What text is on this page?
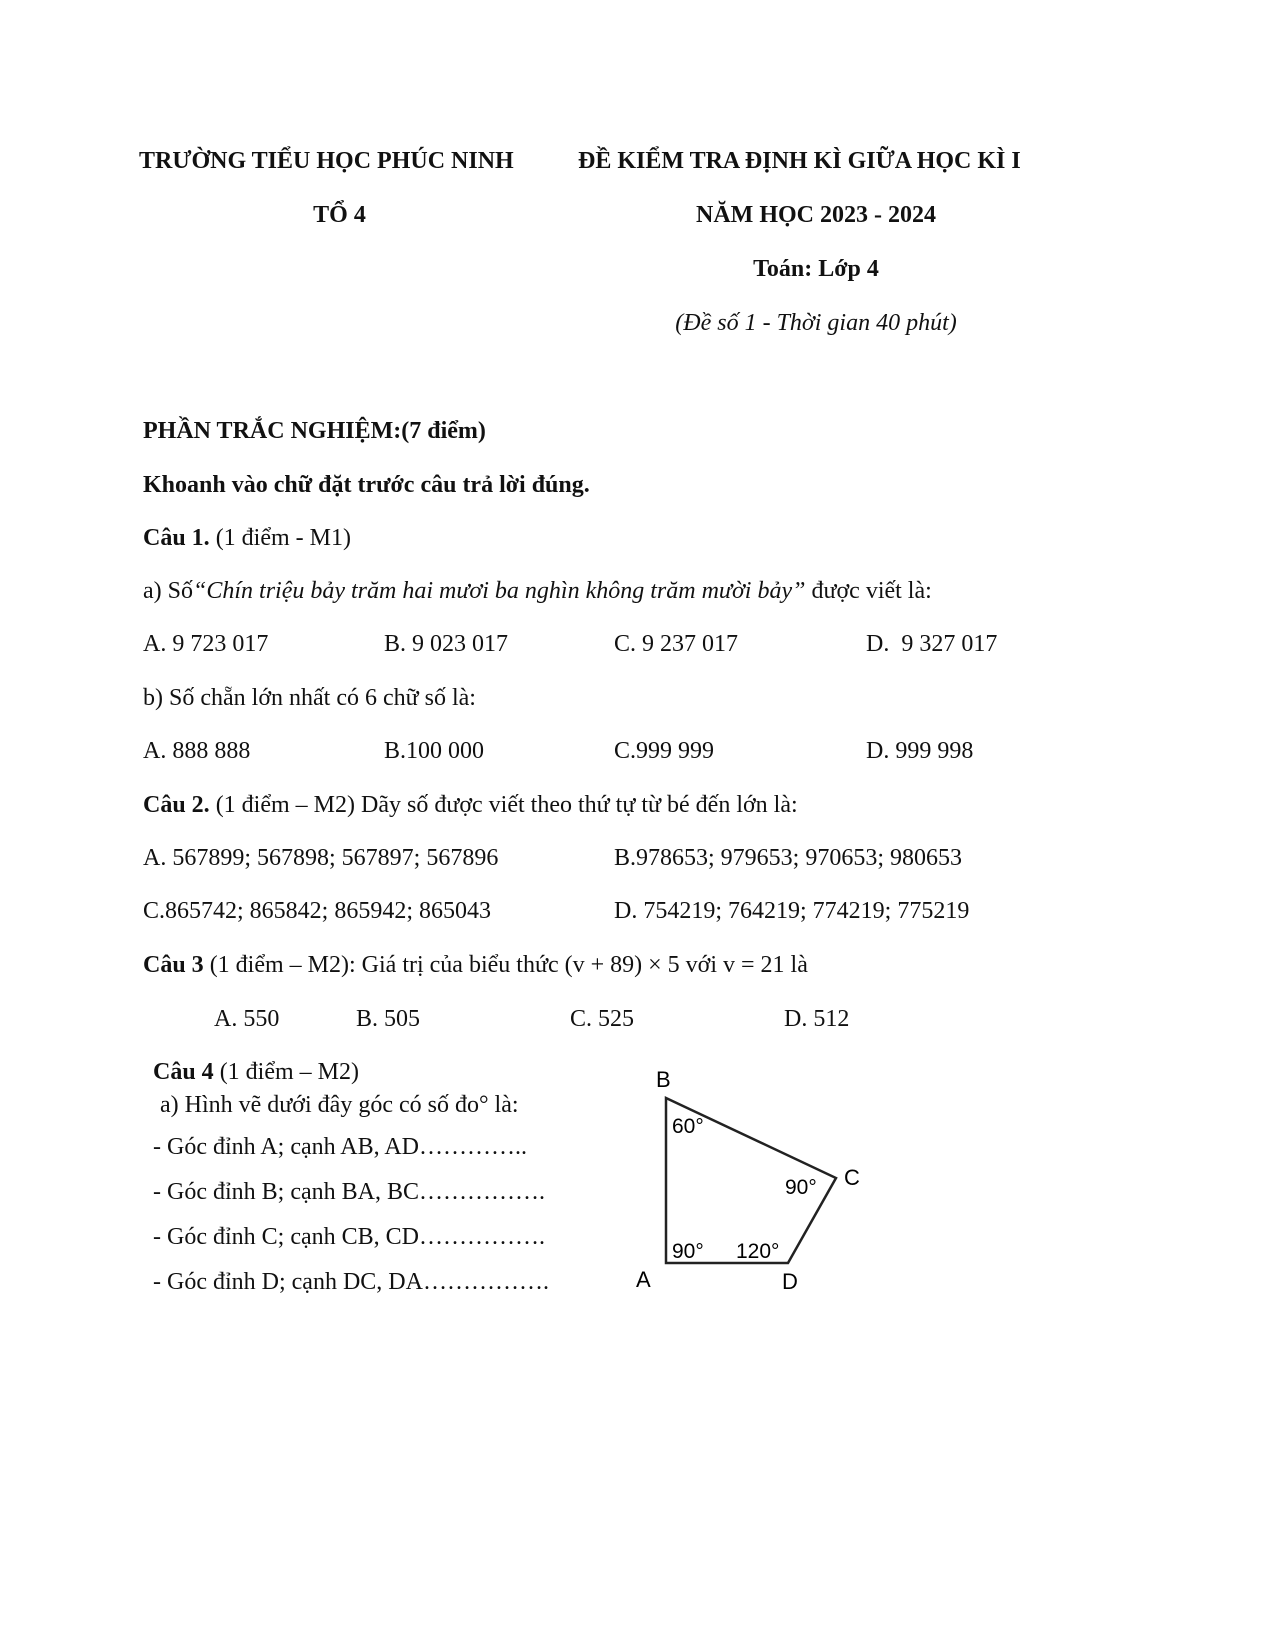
TRƯỜNG TIỂU HỌC PHÚC NINH
TỔ 4
ĐỀ KIỂM TRA ĐỊNH KÌ GIỮA HỌC KÌ I
NĂM HỌC 2023 - 2024
Toán: Lớp 4
(Đề số 1 - Thời gian 40 phút)
PHẦN TRẮC NGHIỆM:(7 điểm)
Khoanh vào chữ đặt trước câu trả lời đúng.
Câu 1. (1 điểm - M1)
a) Số“Chín triệu bảy trăm hai mươi ba nghìn không trăm mười bảy” được viết là:
A. 9 723 017	B. 9 023 017	C. 9 237 017	D.  9 327 017
b) Số chẵn lớn nhất có 6 chữ số là:
A. 888 888	B.100 000	C.999 999	D. 999 998
Câu 2. (1 điểm – M2) Dãy số được viết theo thứ tự từ bé đến lớn là:
A. 567899; 567898; 567897; 567896	B.978653; 979653; 970653; 980653
C.865742; 865842; 865942; 865043	D. 754219; 764219; 774219; 775219
Câu 3 (1 điểm – M2): Giá trị của biểu thức (v + 89) × 5 với v = 21 là
A. 550	B. 505	C. 525	D. 512
Câu 4 (1 điểm – M2)
a) Hình vẽ dưới đây góc có số đo° là:
- Góc đỉnh A; cạnh AB, AD…………..
- Góc đỉnh B; cạnh BA, BC…………….
- Góc đỉnh C; cạnh CB, CD…………….
- Góc đỉnh D; cạnh DC, DA…………….
B
C
A	D
60°
90°
90° 120°
